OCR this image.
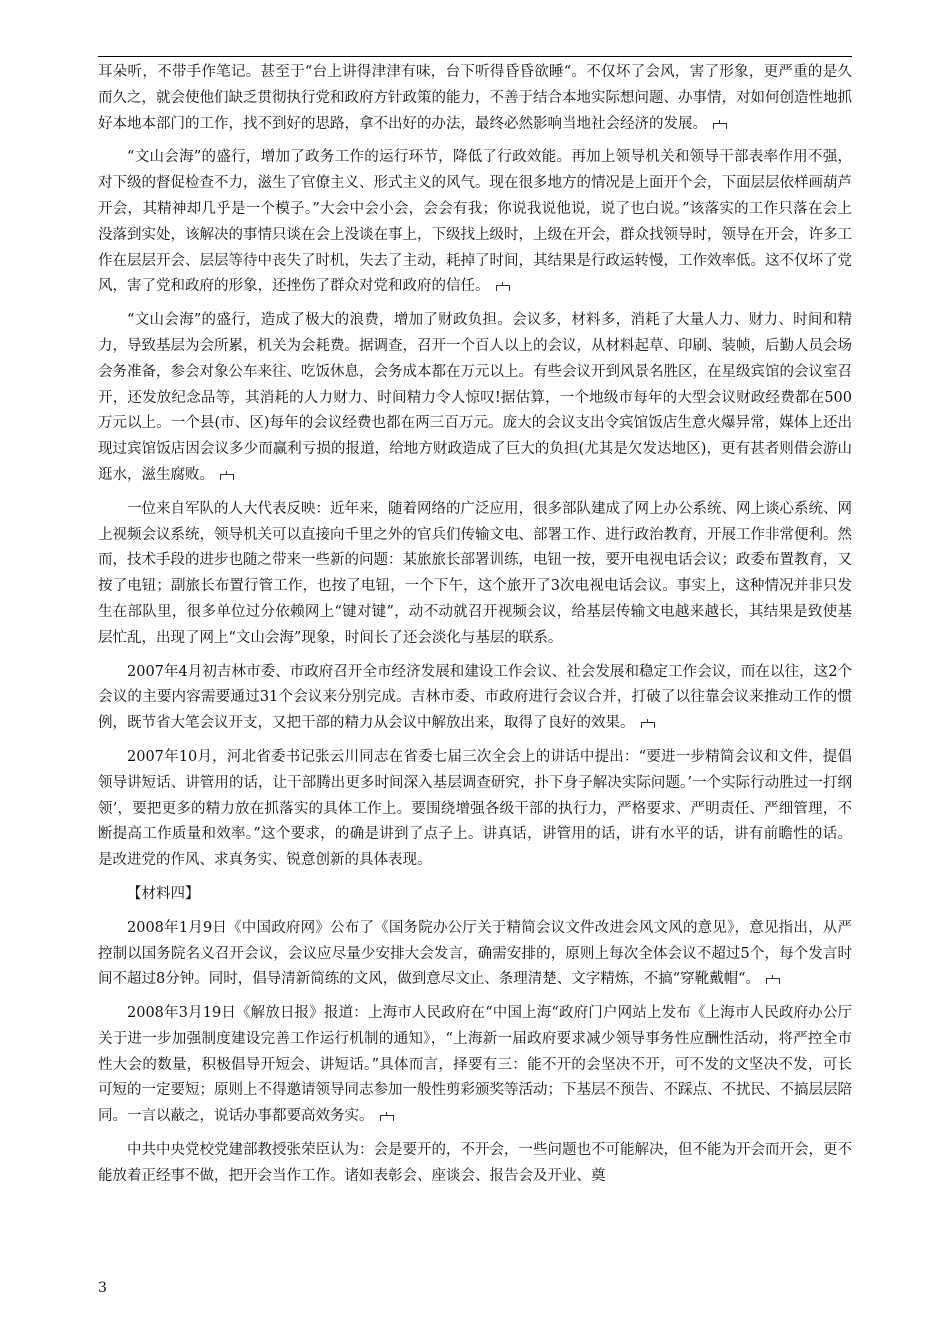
耳朵听，不带手作笔记。甚至于“台上讲得津津有味，台下听得昏昏欲睡“。不仅坏了会风，害了形象，更严重的是久而久之，就会使他们缺乏贯彻执行党和政府方针政策的能力，不善于结合本地实际想问题、办事情，对如何创造性地抓好本地本部门的工作，找不到好的思路，拿不出好的办法，最终必然影响当地社会经济的发展。

“文山会海”的盛行，增加了政务工作的运行环节，降低了行政效能。再加上领导机关和领导干部表率作用不强，对下级的督促检查不力，滋生了官僚主义、形式主义的风气。现在很多地方的情况是上面开个会，下面层层依样画葫芦开会，其精神却几乎是一个模子。”大会中会小会，会会有我；你说我说他说，说了也白说。”该落实的工作只落在会上没落到实处，该解决的事情只谈在会上没谈在事上，下级找上级时，上级在开会，群众找领导时，领导在开会，许多工作在层层开会、层层等待中丧失了时机，失去了主动，耗掉了时间，其结果是行政运转慢，工作效率低。这不仅坏了党风，害了党和政府的形象，还挫伤了群众对党和政府的信任。

“文山会海”的盛行，造成了极大的浪费，增加了财政负担。会议多，材料多，消耗了大量人力、财力、时间和精力，导致基层为会所累，机关为会耗费。据调查，召开一个百人以上的会议，从材料起草、印刷、装帧，后勤人员会场会务准备，参会对象公车来往、吃饭休息，会务成本都在万元以上。有些会议开到风景名胜区，在星级宾馆的会议室召开，还发放纪念品等，其消耗的人力财力、时间精力令人惊叹!据估算，一个地级市每年的大型会议财政经费都在500万元以上。一个县(市、区)每年的会议经费也都在两三百万元。庞大的会议支出令宾馆饭店生意火爆异常，媒体上还出现过宾馆饭店因会议多少而赢利亏损的报道，给地方财政造成了巨大的负担(尤其是欠发达地区)，更有甚者则借会游山逛水，滋生腐败。

一位来自军队的人大代表反映：近年来，随着网络的广泛应用，很多部队建成了网上办公系统、网上谈心系统、网上视频会议系统，领导机关可以直接向千里之外的官兵们传输文电、部署工作、进行政治教育，开展工作非常便利。然而，技术手段的进步也随之带来一些新的问题：某旅旅长部署训练，电钮一按，要开电视电话会议；政委布置教育，又按了电钮；副旅长布置行管工作，也按了电钮，一个下午，这个旅开了3次电视电话会议。事实上，这种情况并非只发生在部队里，很多单位过分依赖网上“键对键”，动不动就召开视频会议，给基层传输文电越来越长，其结果是致使基层忙乱，出现了网上“文山会海”现象，时间长了还会淡化与基层的联系。

2007年4月初吉林市委、市政府召开全市经济发展和建设工作会议、社会发展和稳定工作会议，而在以往，这2个会议的主要内容需要通过31个会议来分别完成。吉林市委、市政府进行会议合并，打破了以往靠会议来推动工作的惯例，既节省大笔会议开支，又把干部的精力从会议中解放出来，取得了良好的效果。

2007年10月，河北省委书记张云川同志在省委七届三次全会上的讲话中提出：“要进一步精简会议和文件，提倡领导讲短话、讲管用的话，让干部腾出更多时间深入基层调查研究，扑下身子解决实际问题。’一个实际行动胜过一打纲领’，要把更多的精力放在抓落实的具体工作上。要围绕增强各级干部的执行力，严格要求、严明责任、严细管理，不断提高工作质量和效率。”这个要求，的确是讲到了点子上。讲真话，讲管用的话，讲有水平的话，讲有前瞻性的话。是改进党的作风、求真务实、锐意创新的具体表现。

【材料四】

2008年1月9日《中国政府网》公布了《国务院办公厅关于精简会议文件改进会风文风的意见》，意见指出，从严控制以国务院名义召开会议，会议应尽量少安排大会发言，确需安排的，原则上每次全体会议不超过5个，每个发言时间不超过8分钟。同时，倡导清新简练的文风，做到意尽文止、条理清楚、文字精炼，不搞“穿靴戴帽“。

2008年3月19日《解放日报》报道：上海市人民政府在“中国上海“政府门户网站上发布《上海市人民政府办公厅关于进一步加强制度建设完善工作运行机制的通知》，“上海新一届政府要求减少领导事务性应酬性活动，将严控全市性大会的数量，积极倡导开短会、讲短话。”具体而言，择要有三：能不开的会坚决不开，可不发的文坚决不发，可长可短的一定要短；原则上不得邀请领导同志参加一般性剪彩颁奖等活动；下基层不预告、不踩点、不扰民、不搞层层陪同。一言以蔽之，说话办事都要高效务实。

中共中央党校党建部教授张荣臣认为：会是要开的，不开会，一些问题也不可能解决，但不能为开会而开会，更不能放着正经事不做，把开会当作工作。诸如表彰会、座谈会、报告会及开业、奠

3
